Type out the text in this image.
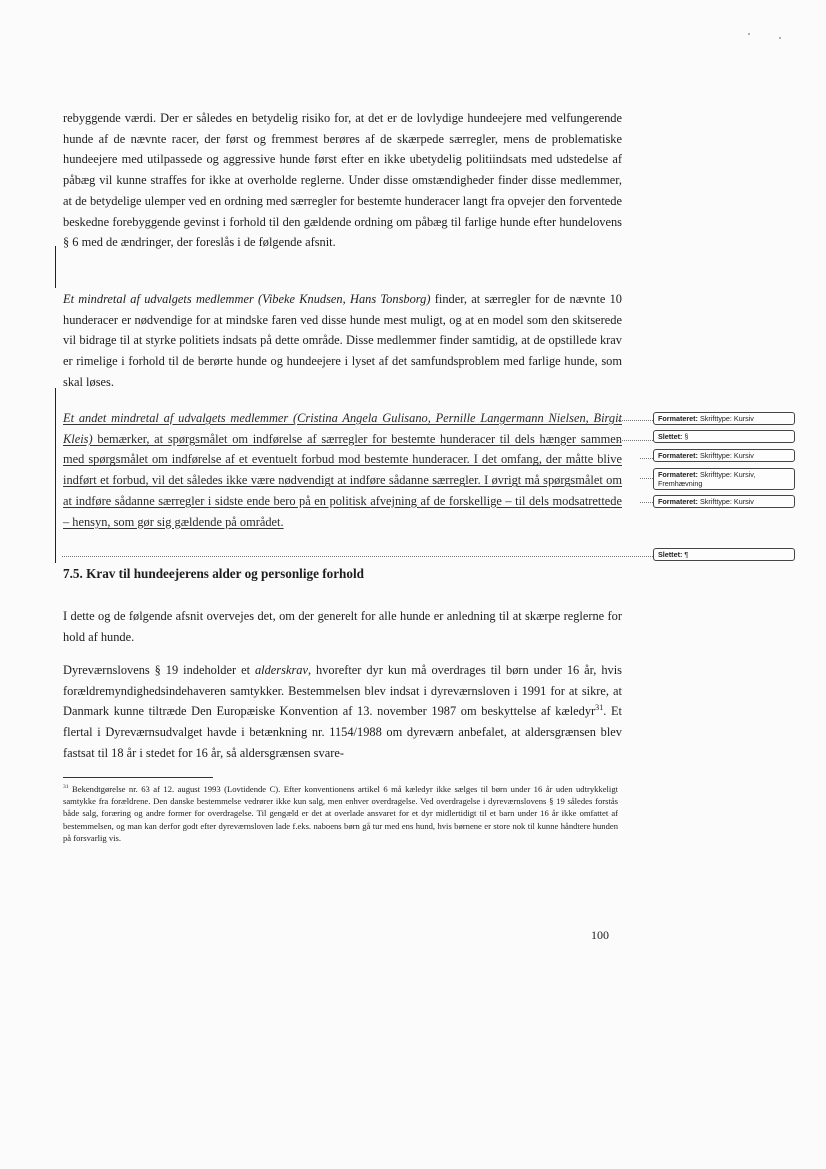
rebyggende værdi. Der er således en betydelig risiko for, at det er de lovlydige hundeejere med velfungerende hunde af de nævnte racer, der først og fremmest berøres af de skærpede særregler, mens de problematiske hundeejere med utilpassede og aggressive hunde først efter en ikke ubetydelig politiindsats med udstedelse af påbæg vil kunne straffes for ikke at overholde reglerne. Under disse omstændigheder finder disse medlemmer, at de betydelige ulemper ved en ordning med særregler for bestemte hunderacer langt fra opvejer den forventede beskedne forebyggende gevinst i forhold til den gældende ordning om påbæg til farlige hunde efter hundelovens § 6 med de ændringer, der foreslås i de følgende afsnit.

Et mindretal af udvalgets medlemmer (Vibeke Knudsen, Hans Tonsborg) finder, at særregler for de nævnte 10 hunderacer er nødvendige for at mindske faren ved disse hunde mest muligt, og at en model som den skitserede vil bidrage til at styrke politiets indsats på dette område. Disse medlemmer finder samtidig, at de opstillede krav er rimelige i forhold til de berørte hunde og hundeejere i lyset af det samfundsproblem med farlige hunde, som skal løses.

Et andet mindretal af udvalgets medlemmer (Cristina Angela Gulisano, Pernille Langermann Nielsen, Birgit Kleis) bemærker, at spørgsmålet om indførelse af særregler for bestemte hunderacer til dels hænger sammen med spørgsmålet om indførelse af et eventuelt forbud mod bestemte hunderacer. I det omfang, der måtte blive indført et forbud, vil det således ikke være nødvendigt at indføre sådanne særregler. I øvrigt må spørgsmålet om at indføre sådanne særregler i sidste ende bero på en politisk afvejning af de forskellige – til dels modsatrettede – hensyn, som gør sig gældende på området.

7.5. Krav til hundeejerens alder og personlige forhold

I dette og de følgende afsnit overvejes det, om der generelt for alle hunde er anledning til at skærpe reglerne for hold af hunde.

Dyreværnslovens § 19 indeholder et alderskrav, hvorefter dyr kun må overdrages til børn under 16 år, hvis forældremyndighedsindehaveren samtykker. Bestemmelsen blev indsat i dyreværnsloven i 1991 for at sikre, at Danmark kunne tiltræde Den Europæiske Konvention af 13. november 1987 om beskyttelse af kæledyr$^{31}$. Et flertal i Dyreværnsudvalget havde i betænkning nr. 1154/1988 om dyreværn anbefalet, at aldersgrænsen blev fastsat til 18 år i stedet for 16 år, så aldersgrænsen svare-

$^{31}$ Bekendtgørelse nr. 63 af 12. august 1993 (Lovtidende C). Efter konventionens artikel 6 må kæledyr ikke sælges til børn under 16 år uden udtrykkeligt samtykke fra forældrene. Den danske bestemmelse vedrører ikke kun salg, men enhver overdragelse. Ved overdragelse i dyreværnslovens § 19 således forstås både salg, foræring og andre former for overdragelse. Til gengæld er det at overlade ansvaret for et dyr midlertidigt til et barn under 16 år ikke omfattet af bestemmelsen, og man kan derfor godt efter dyreværnsloven lade f.eks. naboens børn gå tur med ens hund, hvis børnene er store nok til kunne håndtere hunden på forsvarlig vis.

100
Formateret: Skrifttype: Kursiv
Slettet: §
Formateret: Skrifttype: Kursiv
Formateret: Skrifttype: Kursiv, Fremhævning
Formateret: Skrifttype: Kursiv
Slettet: ¶
